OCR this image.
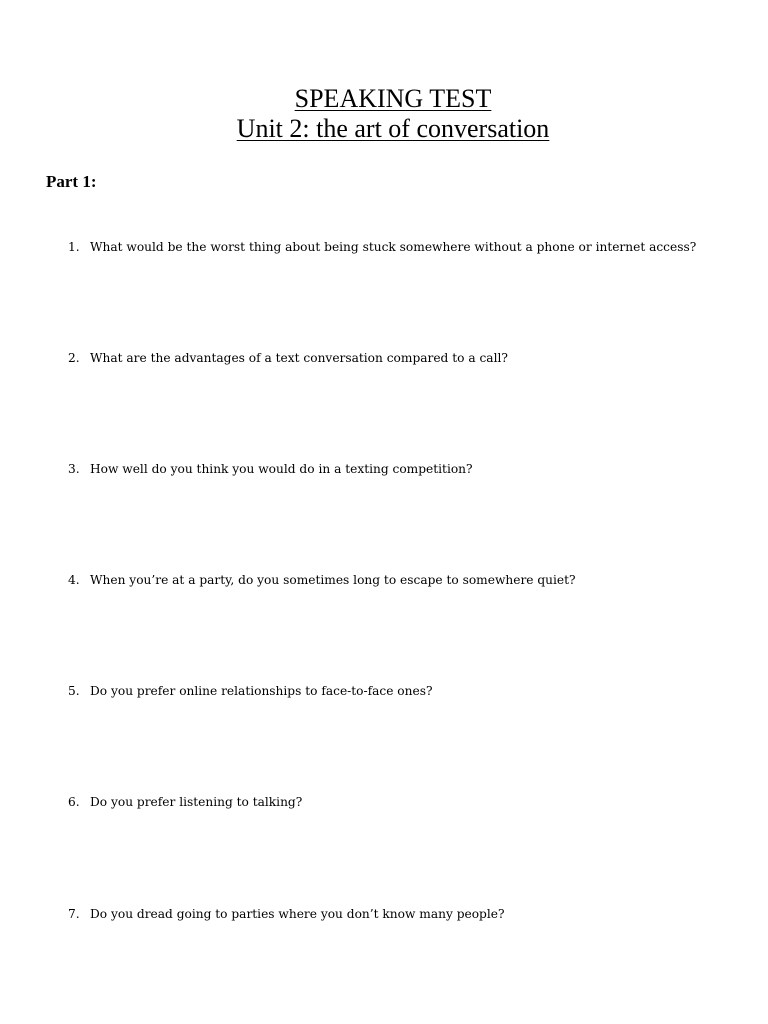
SPEAKING TEST
Unit 2: the art of conversation
Part 1:
1. What would be the worst thing about being stuck somewhere without a phone or internet access?
2. What are the advantages of a text conversation compared to a call?
3. How well do you think you would do in a texting competition?
4. When you’re at a party, do you sometimes long to escape to somewhere quiet?
5. Do you prefer online relationships to face-to-face ones?
6. Do you prefer listening to talking?
7. Do you dread going to parties where you don’t know many people?
